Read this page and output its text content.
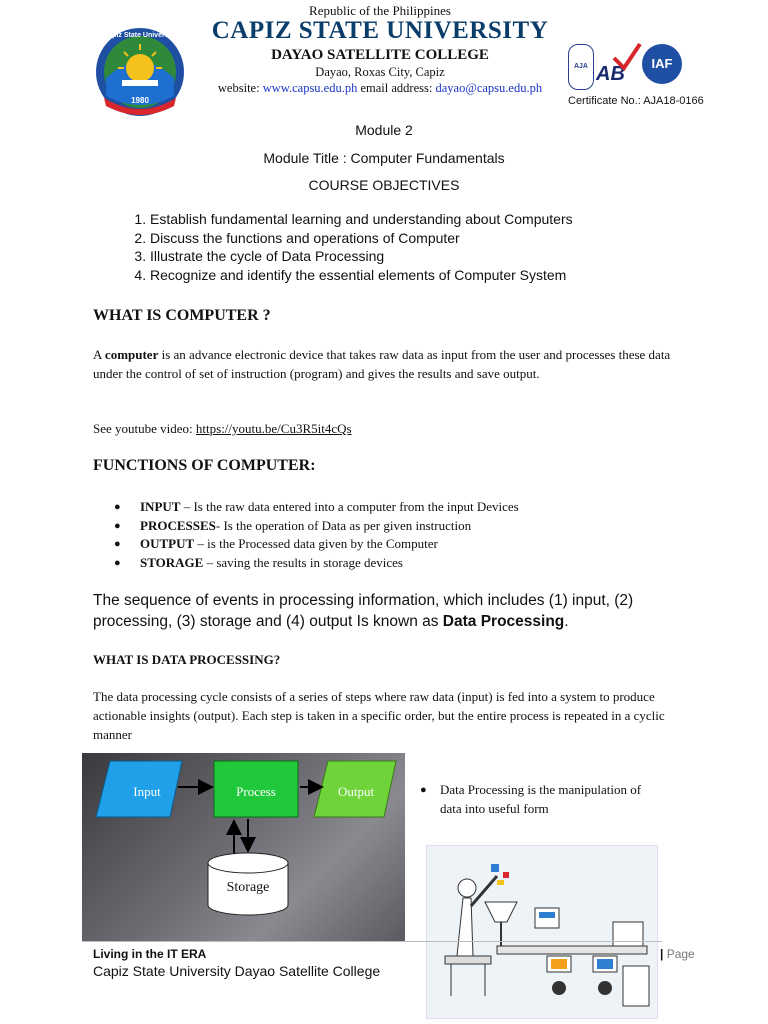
Capiz State University
1980
Republic of the Philippines
CAPIZ STATE UNIVERSITY
DAYAO SATELLITE COLLEGE
Dayao, Roxas City, Capiz
website: www.capsu.edu.ph email address: dayao@capsu.edu.ph
AJA AB	IAF
Certificate No.: AJA18-0166
Module 2
Module Title : Computer Fundamentals
COURSE OBJECTIVES
1. Establish fundamental learning and understanding about Computers
2. Discuss the functions and operations of Computer
3. Illustrate the cycle of Data Processing
4. Recognize and identify the essential elements of Computer System
WHAT IS COMPUTER ?
A computer is an advance electronic device that takes raw data as input from the user and processes these data under the control of set of instruction (program) and gives the results and save output.
See youtube video: https://youtu.be/Cu3R5it4cQs
FUNCTIONS OF COMPUTER:
● INPUT – Is the raw data entered into a computer from the input Devices
● PROCESSES- Is the operation of Data as per given instruction
● OUTPUT – is the Processed data given by the Computer
● STORAGE – saving the results in storage devices
The sequence of events in processing information, which includes (1) input, (2) processing, (3) storage and (4) output Is known as Data Processing.
WHAT IS DATA PROCESSING?
The data processing cycle consists of a series of steps where raw data (input) is fed into a system to produce actionable insights (output). Each step is taken in a specific order, but the entire process is repeated in a cyclic manner
Input	Process	Output
Storage
● Data Processing is the manipulation of data into useful form
Living in the IT ERA
Capiz State University Dayao Satellite College
| Page
